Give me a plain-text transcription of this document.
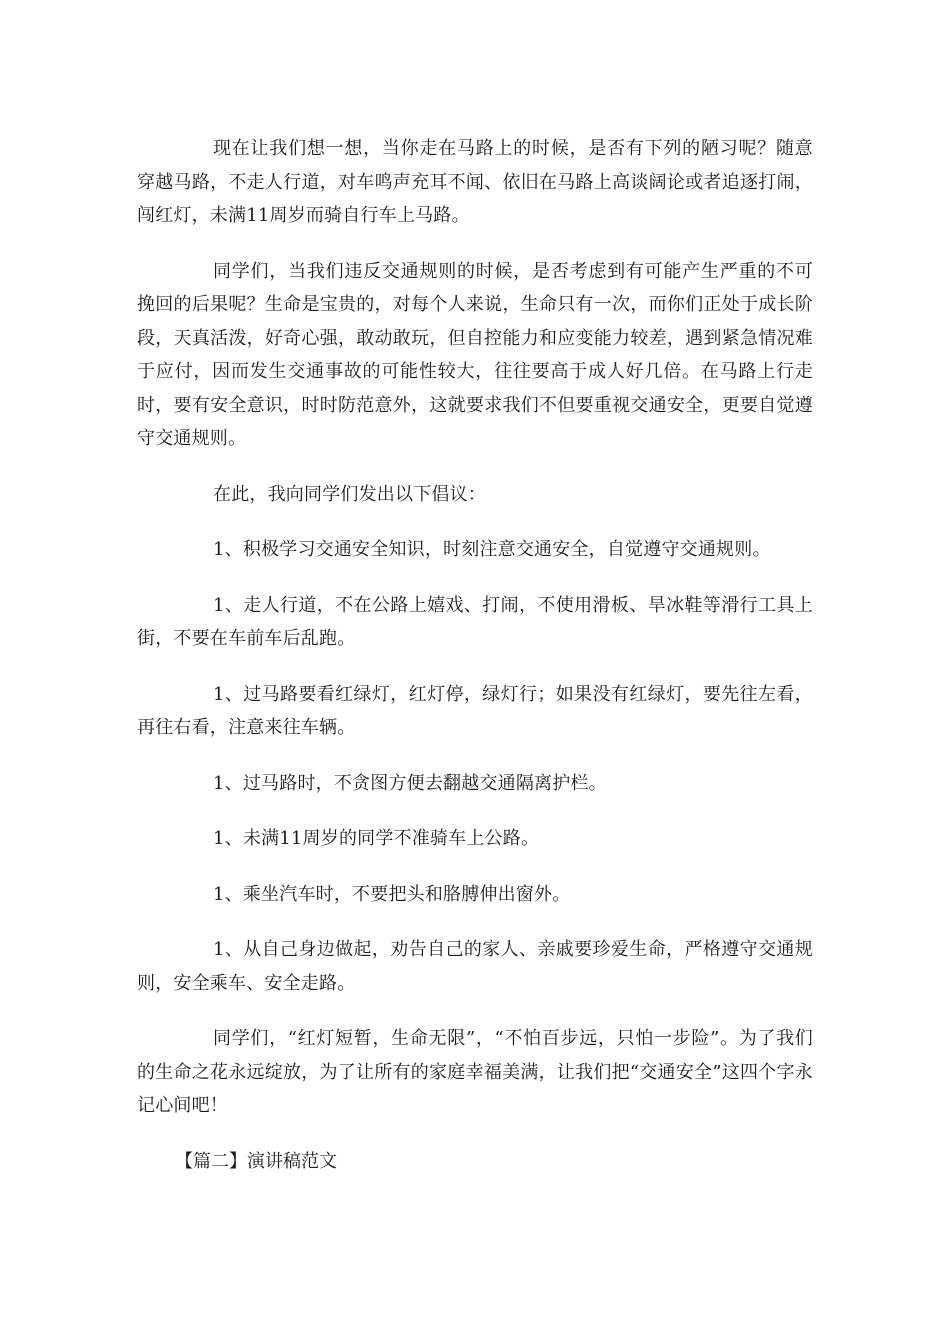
现在让我们想一想，当你走在马路上的时候，是否有下列的陋习呢？随意穿越马路，不走人行道，对车鸣声充耳不闻、依旧在马路上高谈阔论或者追逐打闹，闯红灯，未满11周岁而骑自行车上马路。

同学们，当我们违反交通规则的时候，是否考虑到有可能产生严重的不可挽回的后果呢？生命是宝贵的，对每个人来说，生命只有一次，而你们正处于成长阶段，天真活泼，好奇心强，敢动敢玩，但自控能力和应变能力较差，遇到紧急情况难于应付，因而发生交通事故的可能性较大，往往要高于成人好几倍。在马路上行走时，要有安全意识，时时防范意外，这就要求我们不但要重视交通安全，更要自觉遵守交通规则。

在此，我向同学们发出以下倡议：

1、积极学习交通安全知识，时刻注意交通安全，自觉遵守交通规则。

1、走人行道，不在公路上嬉戏、打闹，不使用滑板、旱冰鞋等滑行工具上街，不要在车前车后乱跑。

1、过马路要看红绿灯，红灯停，绿灯行；如果没有红绿灯，要先往左看，再往右看，注意来往车辆。

1、过马路时，不贪图方便去翻越交通隔离护栏。

1、未满11周岁的同学不准骑车上公路。

1、乘坐汽车时，不要把头和胳膊伸出窗外。

1、从自己身边做起，劝告自己的家人、亲戚要珍爱生命，严格遵守交通规则，安全乘车、安全走路。

同学们，“红灯短暂，生命无限”，“不怕百步远，只怕一步险”。为了我们的生命之花永远绽放，为了让所有的家庭幸福美满，让我们把“交通安全”这四个字永记心间吧！

【篇二】演讲稿范文
